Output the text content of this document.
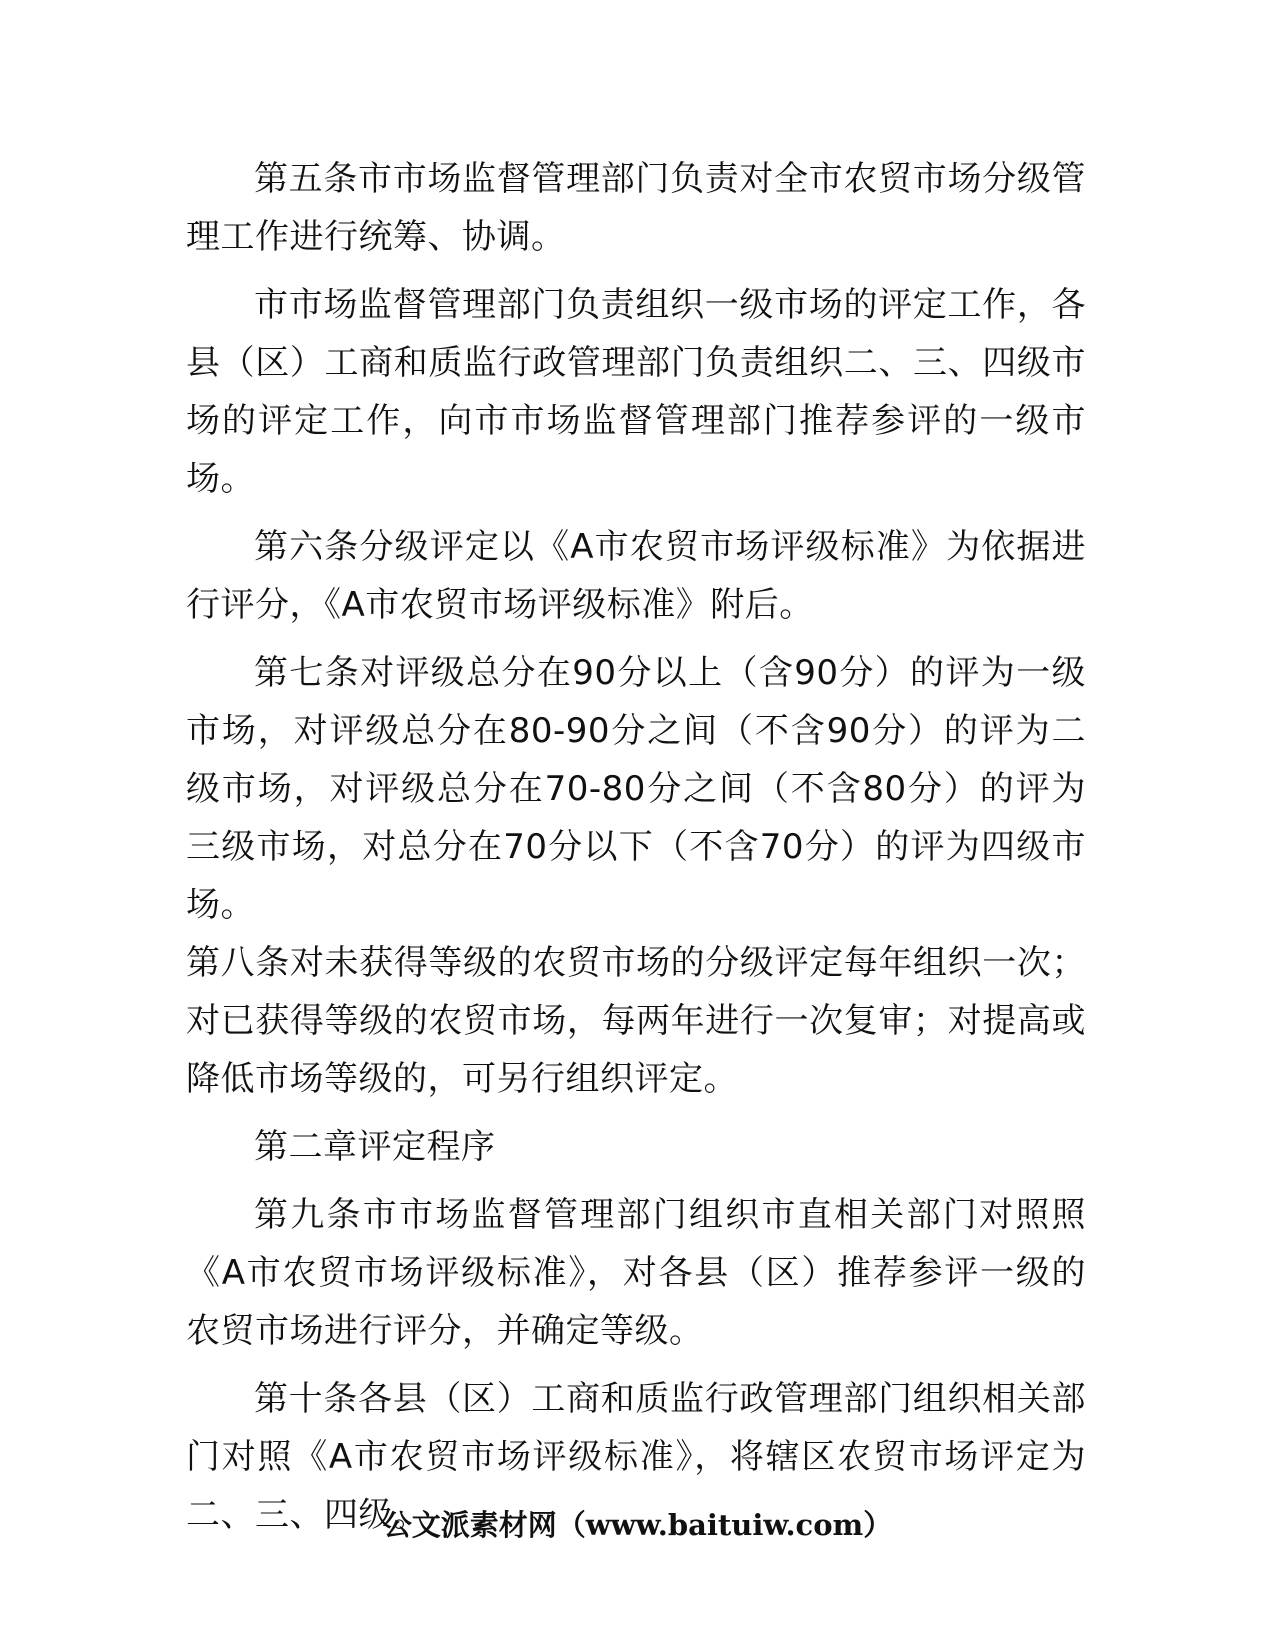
第五条市市场监督管理部门负责对全市农贸市场分级管理工作进行统筹、协调。

市市场监督管理部门负责组织一级市场的评定工作，各县（区）工商和质监行政管理部门负责组织二、三、四级市场的评定工作，向市市场监督管理部门推荐参评的一级市场。

第六条分级评定以《A市农贸市场评级标准》为依据进行评分，《A市农贸市场评级标准》附后。

第七条对评级总分在90分以上（含90分）的评为一级市场，对评级总分在80-90分之间（不含90分）的评为二级市场，对评级总分在70-80分之间（不含80分）的评为三级市场，对总分在70分以下（不含70分）的评为四级市场。

第八条对未获得等级的农贸市场的分级评定每年组织一次；对已获得等级的农贸市场，每两年进行一次复审；对提高或降低市场等级的，可另行组织评定。

第二章评定程序

第九条市市场监督管理部门组织市直相关部门对照照《A市农贸市场评级标准》，对各县（区）推荐参评一级的农贸市场进行评分，并确定等级。

第十条各县（区）工商和质监行政管理部门组织相关部门对照《A市农贸市场评级标准》，将辖区农贸市场评定为二、三、四级。

公文派素材网（www.baituiw.com）
